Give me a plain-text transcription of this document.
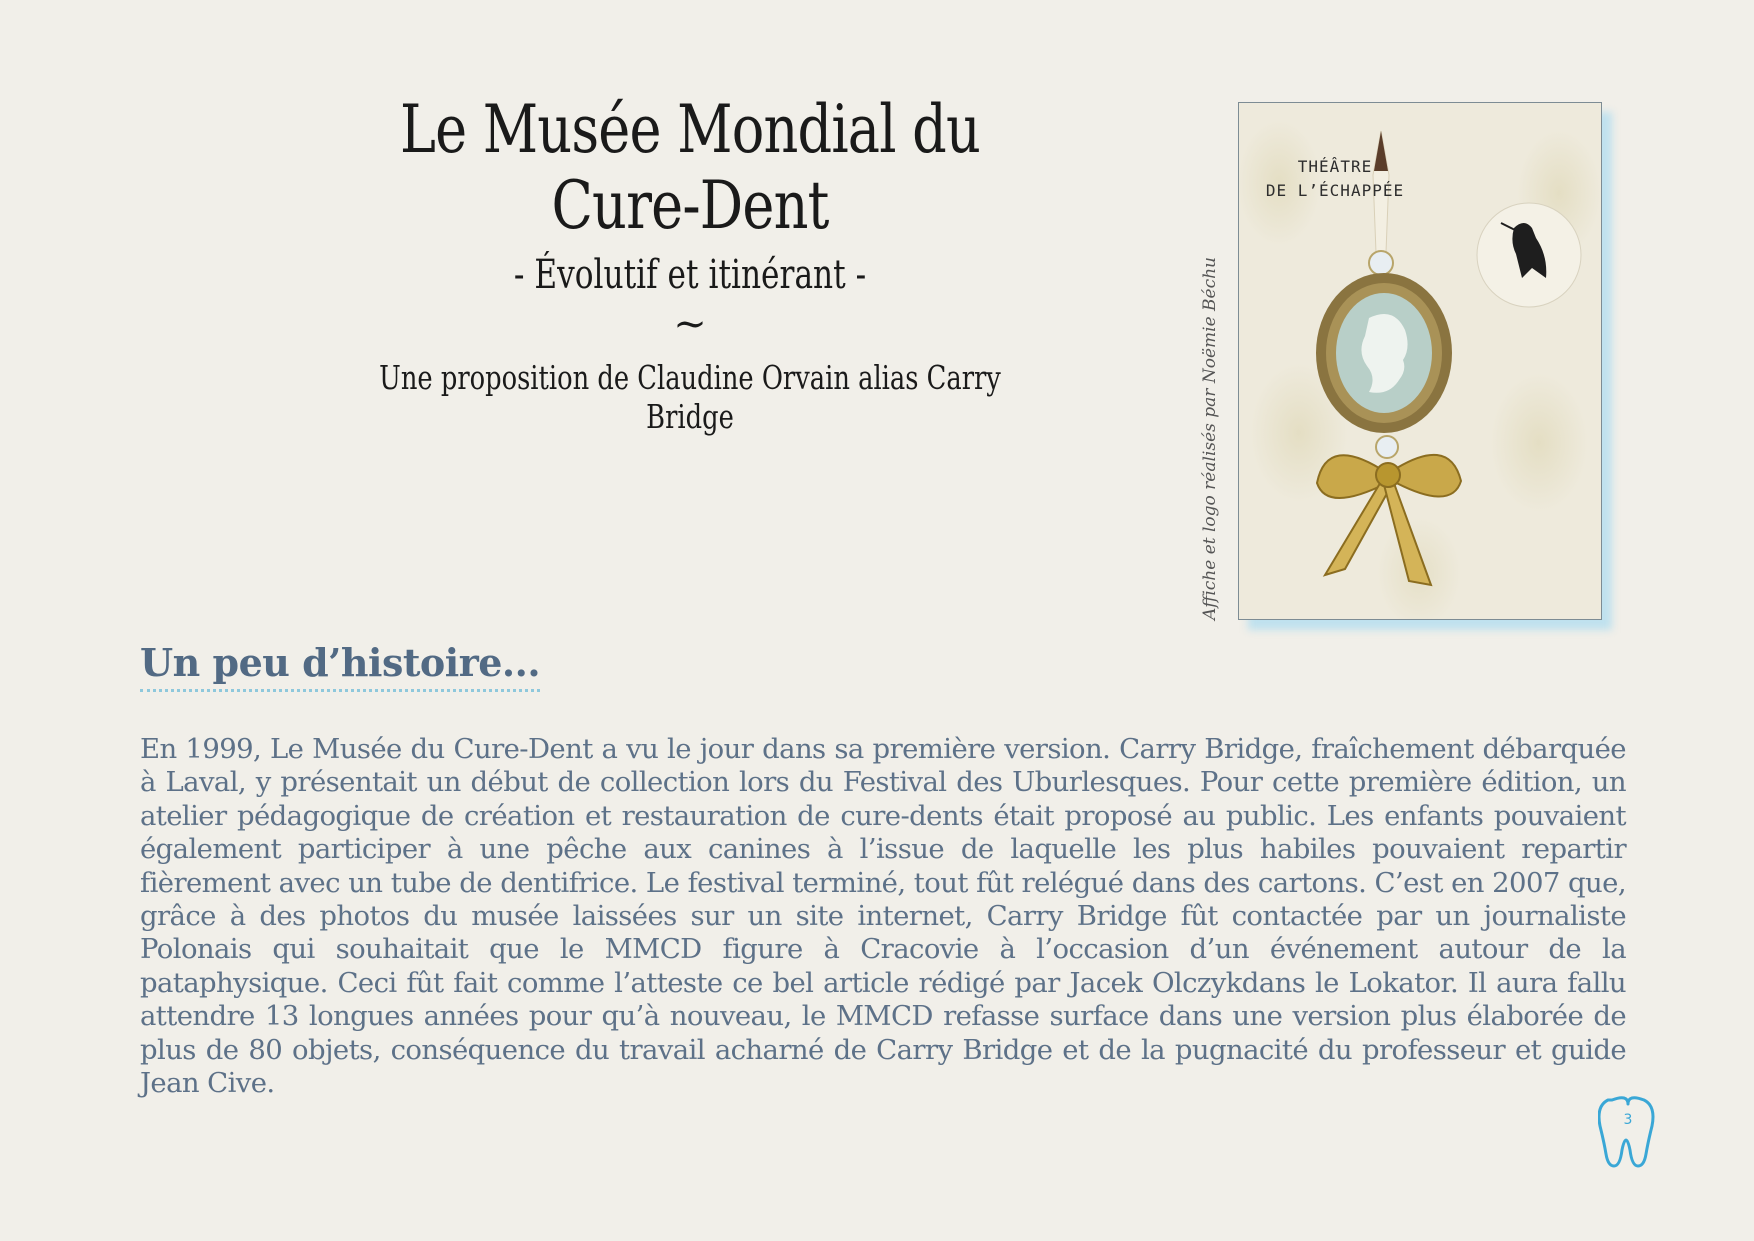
Le Musée Mondial du Cure-Dent
- Évolutif et itinérant -
~
Une proposition de Claudine Orvain alias Carry Bridge
THÉÂTRE
DE L’ÉCHAPPÉE
Affiche et logo réalisés par Noëmie Béchu
Un peu d’histoire...

En 1999, Le Musée du Cure-Dent a vu le jour dans sa première version. Carry Bridge, fraîchement débarquée à Laval, y présentait un début de collection lors du Festival des Uburlesques. Pour cette première édition, un atelier pédagogique de création et restauration de cure-dents était proposé au public. Les enfants pouvaient également participer à une pêche aux canines à l’issue de laquelle les plus habiles pouvaient repartir fièrement avec un tube de dentifrice. Le festival terminé, tout fût relégué dans des cartons. C’est en 2007 que, grâce à des photos du musée laissées sur un site internet, Carry Bridge fût contactée par un journaliste Polonais qui souhaitait que le MMCD figure à Cracovie à l’occasion d’un événement autour de la pataphysique. Ceci fût fait comme l’atteste ce bel article rédigé par Jacek Olczykdans le Lokator. Il aura fallu attendre 13 longues années pour qu’à nouveau, le MMCD refasse surface dans une version plus élaborée de plus de 80 objets, conséquence du travail acharné de Carry Bridge et de la pugnacité du professeur et guide Jean Cive.

3
